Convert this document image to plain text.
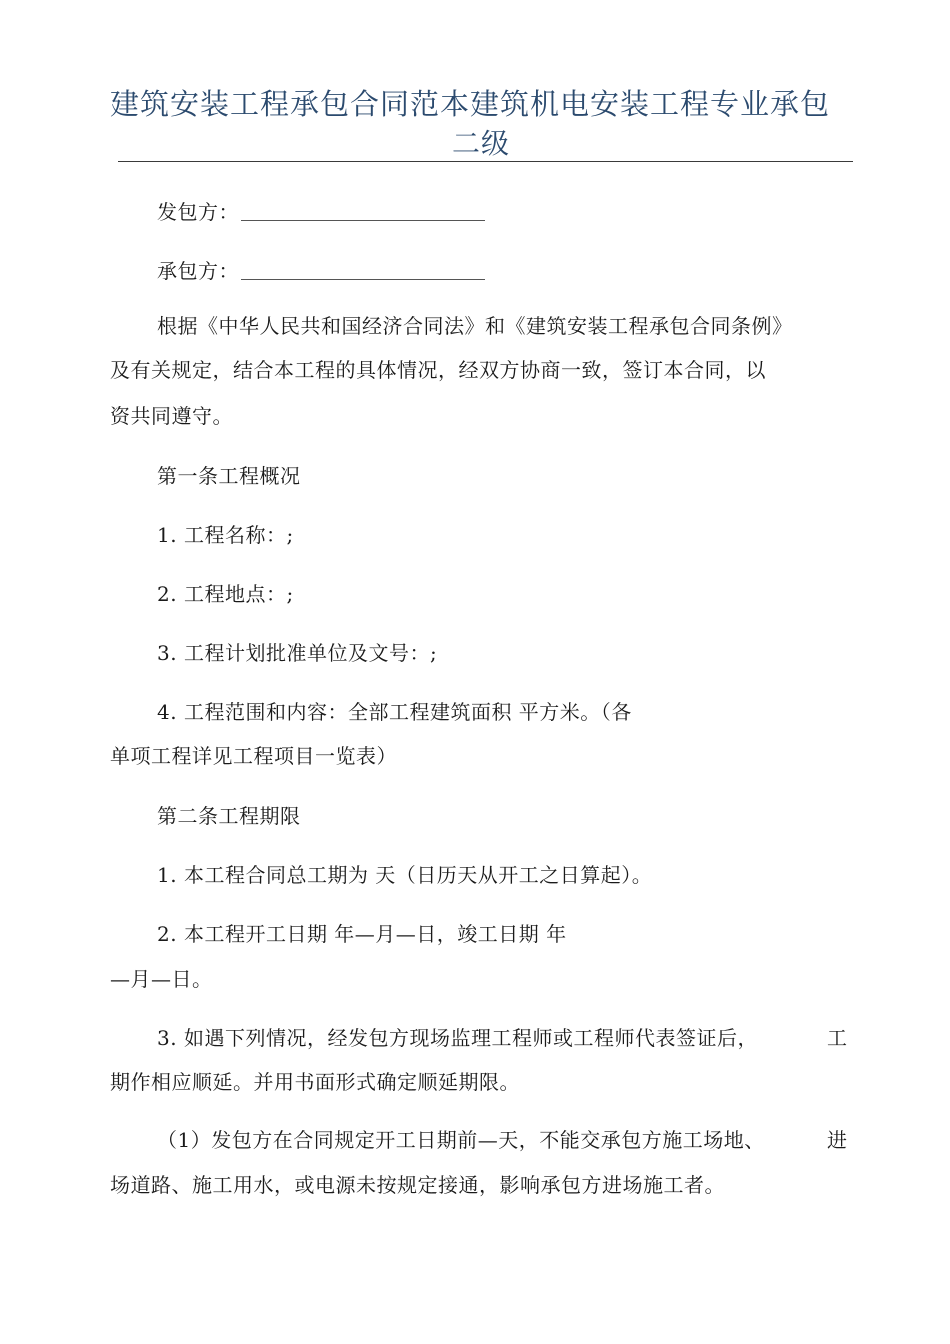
建筑安装工程承包合同范本建筑机电安装工程专业承包
二级
发包方：
承包方：
根据《中华人民共和国经济合同法》和《建筑安装工程承包合同条例》
及有关规定，结合本工程的具体情况，经双方协商一致，签订本合同，以
资共同遵守。
第一条工程概况
1. 工程名称：;
2. 工程地点：;
3. 工程计划批准单位及文号：;
4. 工程范围和内容：全部工程建筑面积 平方米。（各
单项工程详见工程项目一览表）
第二条工程期限
1. 本工程合同总工期为 天（日历天从开工之日算起）。
2. 本工程开工日期 年—月—日，竣工日期 年
—月—日。
3. 如遇下列情况，经发包方现场监理工程师或工程师代表签证后，	工
期作相应顺延。并用书面形式确定顺延期限。
（1）发包方在合同规定开工日期前—天，不能交承包方施工场地、	进
场道路、施工用水，或电源未按规定接通，影响承包方进场施工者。
